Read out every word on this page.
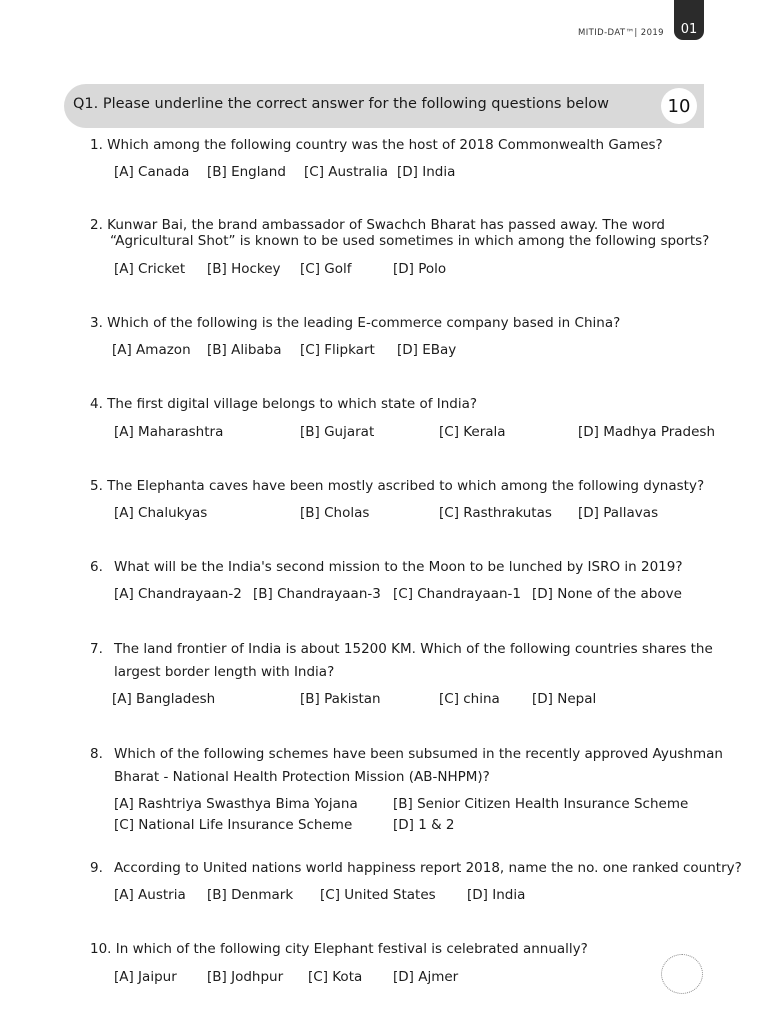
MITID-DAT™| 2019 01
Q1. Please underline the correct answer for the following questions below	10
1. Which among the following country was the host of 2018 Commonwealth Games?
[A] Canada [B] England [C] Australia [D] India
2. Kunwar Bai, the brand ambassador of Swachch Bharat has passed away. The word
“Agricultural Shot” is known to be used sometimes in which among the following sports?
[A] Cricket [B] Hockey [C] Golf	[D] Polo
3. Which of the following is the leading E-commerce company based in China?
[A] Amazon [B] Alibaba [C] Flipkart [D] EBay
4. The first digital village belongs to which state of India?
[A] Maharashtra	[B] Gujarat	[C] Kerala	[D] Madhya Pradesh
5. The Elephanta caves have been mostly ascribed to which among the following dynasty?
[A] Chalukyas	[B] Cholas	[C] Rasthrakutas [D] Pallavas
6. What will be the India's second mission to the Moon to be lunched by ISRO in 2019?
[A] Chandrayaan-2 [B] Chandrayaan-3 [C] Chandrayaan-1 [D] None of the above
7. The land frontier of India is about 15200 KM. Which of the following countries shares the
largest border length with India?
[A] Bangladesh	[B] Pakistan	[C] china [D] Nepal
8. Which of the following schemes have been subsumed in the recently approved Ayushman
Bharat - National Health Protection Mission (AB-NHPM)?
[A] Rashtriya Swasthya Bima Yojana	[B] Senior Citizen Health Insurance Scheme
[C] National Life Insurance Scheme	[D] 1 & 2
9. According to United nations world happiness report 2018, name the no. one ranked country?
[A] Austria [B] Denmark [C] United States [D] India
10. In which of the following city Elephant festival is celebrated annually?
[A] Jaipur [B] Jodhpur [C] Kota [D] Ajmer
